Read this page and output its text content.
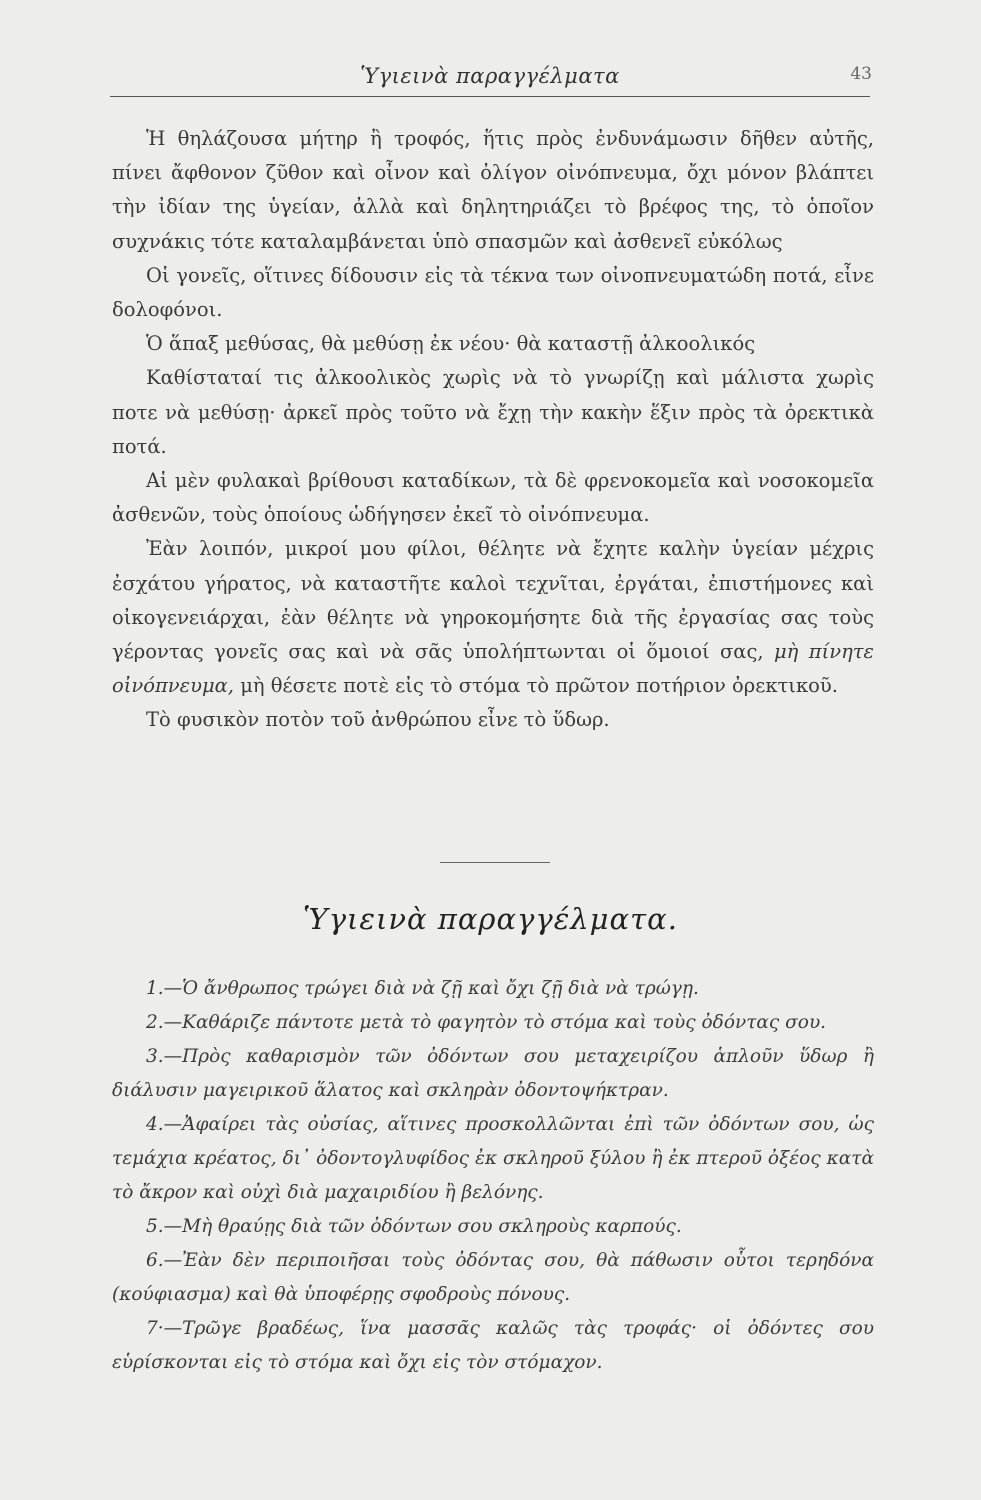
Ὑγιεινὰ παραγγέλματα	43

Ἡ θηλάζουσα μήτηρ ἢ τροφός, ἥτις πρὸς ἐνδυνάμωσιν δῆθεν αὐτῆς, πίνει ἄφθονον ζῦθον καὶ οἶνον καὶ ὀλίγον οἰνόπνευμα, ὄχι μόνον βλάπτει τὴν ἰδίαν της ὑγείαν, ἀλλὰ καὶ δηλητηριάζει τὸ βρέφος της, τὸ ὁποῖον συχνάκις τότε καταλαμβάνεται ὑπὸ σπασμῶν καὶ ἀσθενεῖ εὐκόλως

Οἱ γονεῖς, οἵτινες δίδουσιν εἰς τὰ τέκνα των οἰνοπνευματώδη ποτά, εἶνε δολοφόνοι.

Ὁ ἅπαξ μεθύσας, θὰ μεθύσῃ ἐκ νέου· θὰ καταστῇ ἀλκοολικός

Καθίσταταί τις ἀλκοολικὸς χωρὶς νὰ τὸ γνωρίζῃ καὶ μάλιστα χωρὶς ποτε νὰ μεθύσῃ· ἀρκεῖ πρὸς τοῦτο νὰ ἔχῃ τὴν κακὴν ἕξιν πρὸς τὰ ὀρεκτικὰ ποτά.

Αἱ μὲν φυλακαὶ βρίθουσι καταδίκων, τὰ δὲ φρενοκομεῖα καὶ νοσοκομεῖα ἀσθενῶν, τοὺς ὁποίους ὡδήγησεν ἐκεῖ τὸ οἰνόπνευμα.

Ἐὰν λοιπόν, μικροί μου φίλοι, θέλητε νὰ ἔχητε καλὴν ὑγείαν μέχρις ἐσχάτου γήρατος, νὰ καταστῆτε καλοὶ τεχνῖται, ἐργάται, ἐπιστήμονες καὶ οἰκογενειάρχαι, ἐὰν θέλητε νὰ γηροκομήσητε διὰ τῆς ἐργασίας σας τοὺς γέροντας γονεῖς σας καὶ νὰ σᾶς ὑπολήπτωνται οἱ ὅμοιοί σας, μὴ πίνητε οἰνόπνευμα, μὴ θέσετε ποτὲ εἰς τὸ στόμα τὸ πρῶτον ποτήριον ὀρεκτικοῦ.

Τὸ φυσικὸν ποτὸν τοῦ ἀνθρώπου εἶνε τὸ ὕδωρ.

Ὑγιεινὰ παραγγέλματα.

1.—Ὁ ἄνθρωπος τρώγει διὰ νὰ ζῇ καὶ ὄχι ζῇ διὰ νὰ τρώγῃ.

2.—Καθάριζε πάντοτε μετὰ τὸ φαγητὸν τὸ στόμα καὶ τοὺς ὀδόντας σου.

3.—Πρὸς καθαρισμὸν τῶν ὀδόντων σου μεταχειρίζου ἁπλοῦν ὕδωρ ἢ διάλυσιν μαγειρικοῦ ἅλατος καὶ σκληρὰν ὀδοντοψήκτραν.

4.—Ἀφαίρει τὰς οὐσίας, αἵτινες προσκολλῶνται ἐπὶ τῶν ὀδόντων σου, ὡς τεμάχια κρέατος, δι᾽ ὀδοντογλυφίδος ἐκ σκληροῦ ξύλου ἢ ἐκ πτεροῦ ὀξέος κατὰ τὸ ἄκρον καὶ οὐχὶ διὰ μαχαιριδίου ἢ βελόνης.

5.—Μὴ θραύῃς διὰ τῶν ὀδόντων σου σκληροὺς καρπούς.

6.—Ἐὰν δὲν περιποιῆσαι τοὺς ὀδόντας σου, θὰ πάθωσιν οὗτοι τερηδόνα (κούφιασμα) καὶ θὰ ὑποφέρῃς σφοδροὺς πόνους.

7·—Τρῶγε βραδέως, ἵνα μασσᾶς καλῶς τὰς τροφάς· οἱ ὀδόντες σου εὑρίσκονται εἰς τὸ στόμα καὶ ὄχι εἰς τὸν στόμαχον.
